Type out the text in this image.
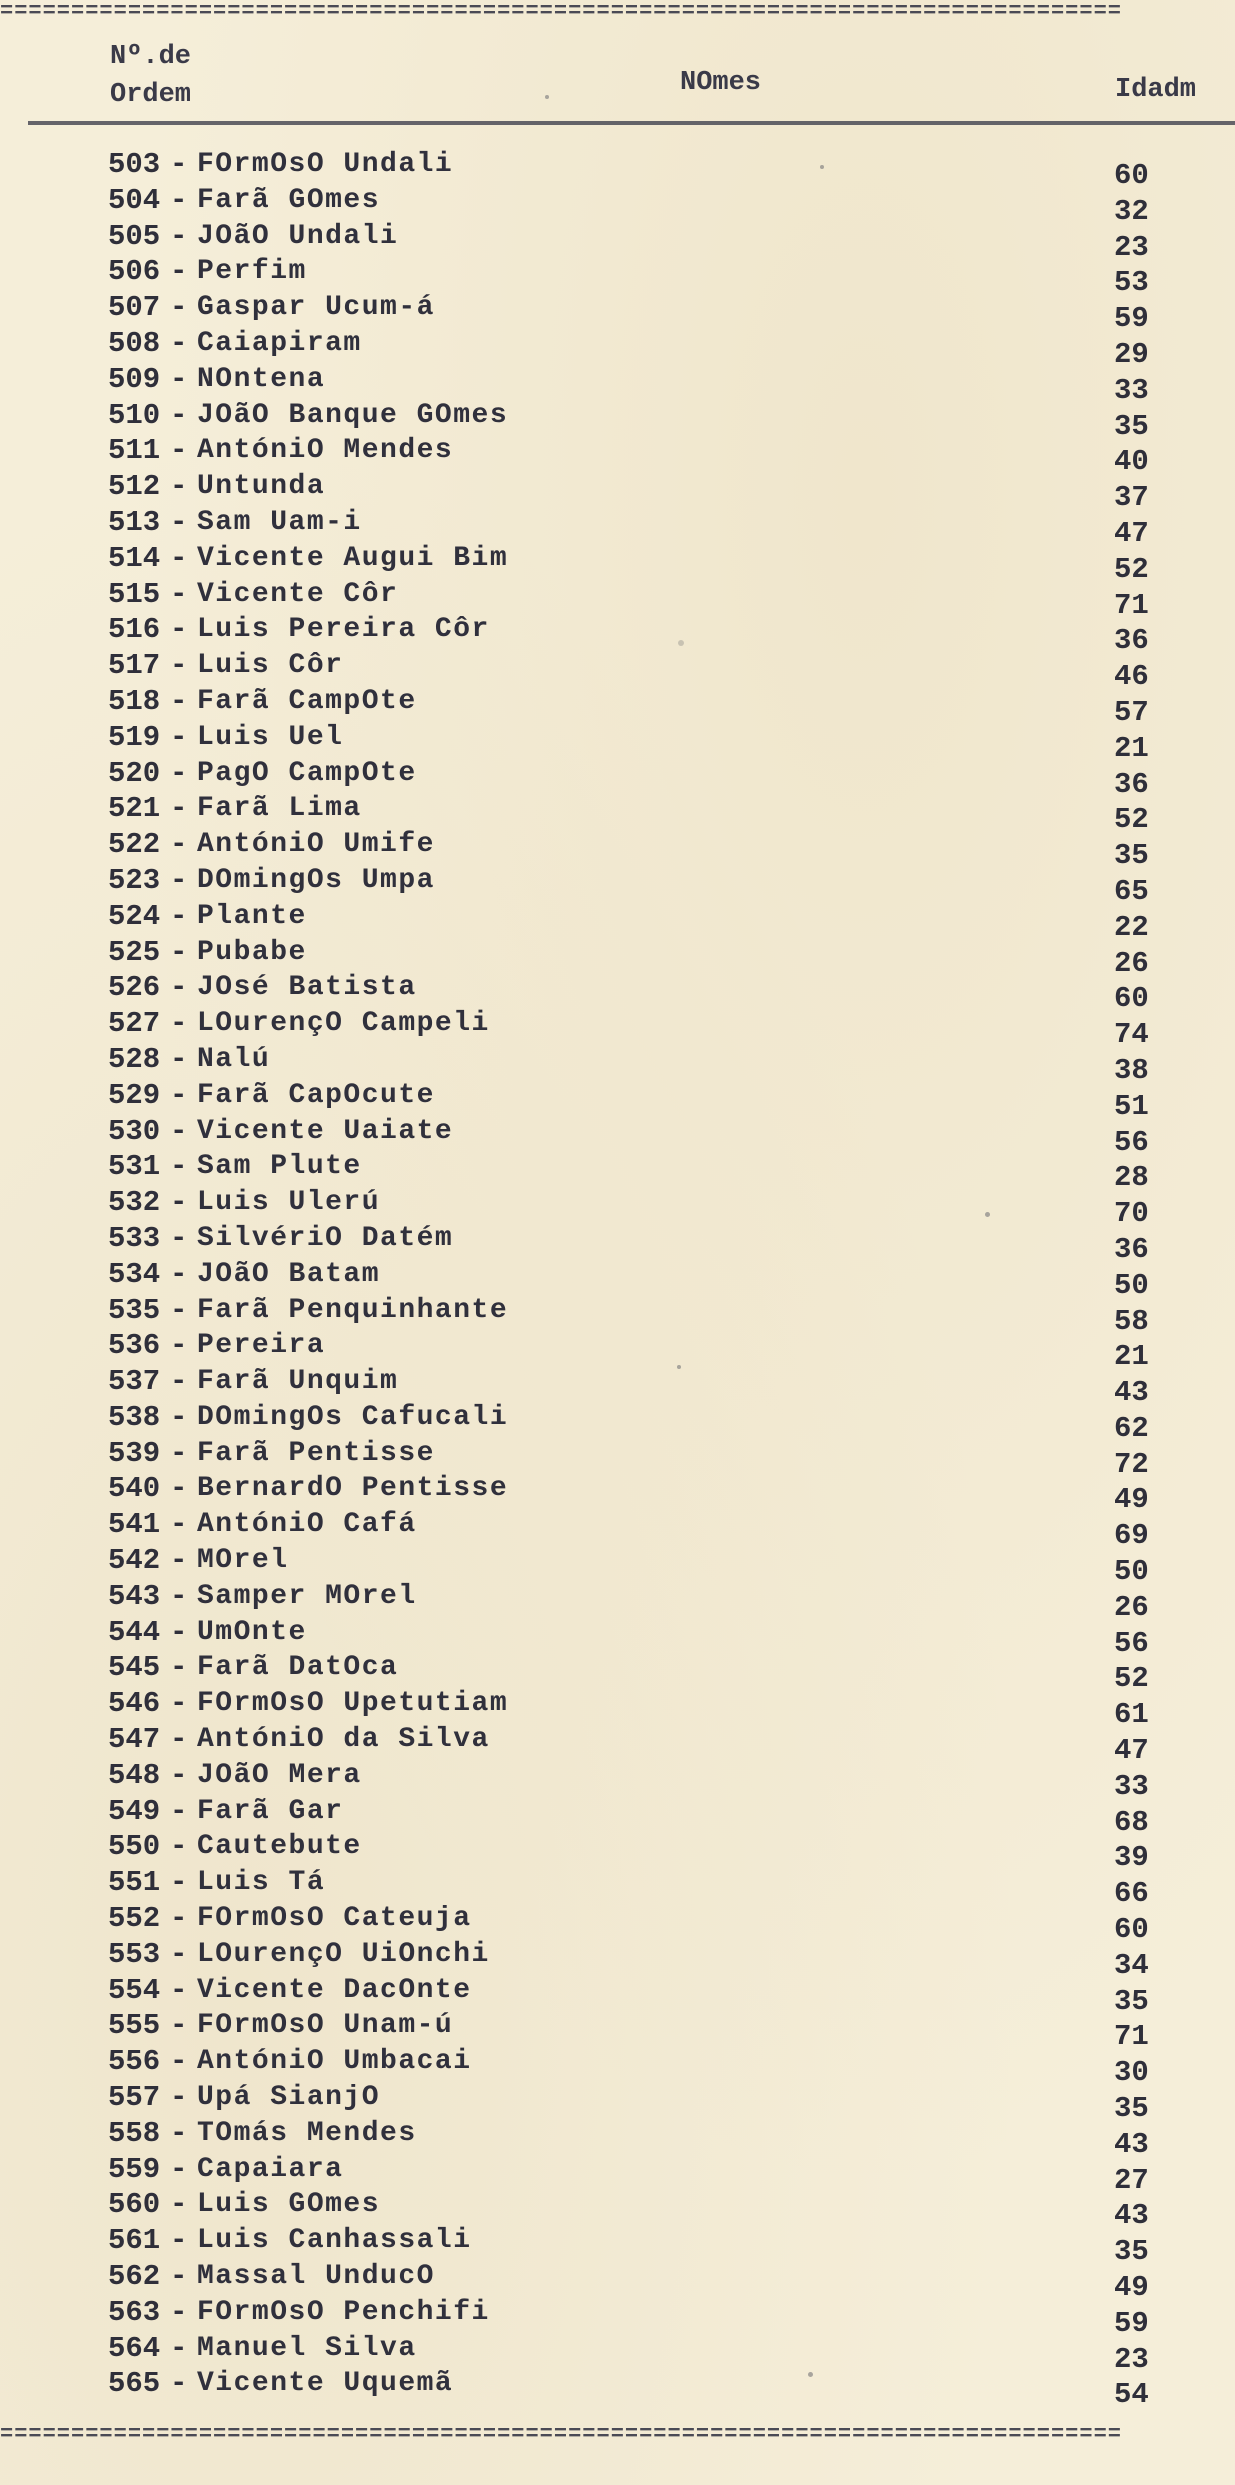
===============================================================================
Nº.de
Ordem	NOmes	Idadm
503 - FOrmOsO Undali	60
504 - Farã GOmes	32
505 - JOãO Undali	23
506 - Perfim	53
507 - Gaspar Ucum-á	59
508 - Caiapiram	29
509 - NOntena	33
510 - JOãO Banque GOmes	35
511 - AntóniO Mendes	40
512 - Untunda	37
513 - Sam Uam-i	47
514 - Vicente Augui Bim	52
515 - Vicente Côr	71
516 - Luis Pereira Côr	36
517 - Luis Côr	46
518 - Farã CampOte	57
519 - Luis Uel	21
520 - PagO CampOte	36
521 - Farã Lima	52
522 - AntóniO Umife	35
523 - DOmingOs Umpa	65
524 - Plante	22
525 - Pubabe	26
526 - JOsé Batista	60
527 - LOurençO Campeli	74
528 - Nalú	38
529 - Farã CapOcute	51
530 - Vicente Uaiate	56
531 - Sam Plute	28
532 - Luis Ulerú	70
533 - SilvériO Datém	36
534 - JOãO Batam	50
535 - Farã Penquinhante	58
536 - Pereira	21
537 - Farã Unquim	43
538 - DOmingOs Cafucali	62
539 - Farã Pentisse	72
540 - BernardO Pentisse	49
541 - AntóniO Cafá	69
542 - MOrel	50
543 - Samper MOrel	26
544 - UmOnte	56
545 - Farã DatOca	52
546 - FOrmOsO Upetutiam	61
547 - AntóniO da Silva	47
548 - JOãO Mera	33
549 - Farã Gar	68
550 - Cautebute	39
551 - Luis Tá	66
552 - FOrmOsO Cateuja	60
553 - LOurençO UiOnchi	34
554 - Vicente DacOnte	35
555 - FOrmOsO Unam-ú	71
556 - AntóniO Umbacai	30
557 - Upá SianjO	35
558 - TOmás Mendes	43
559 - Capaiara	27
560 - Luis GOmes	43
561 - Luis Canhassali	35
562 - Massal UnducO	49
563 - FOrmOsO Penchifi	59
564 - Manuel Silva	23
565 - Vicente Uquemã	54
===============================================================================
